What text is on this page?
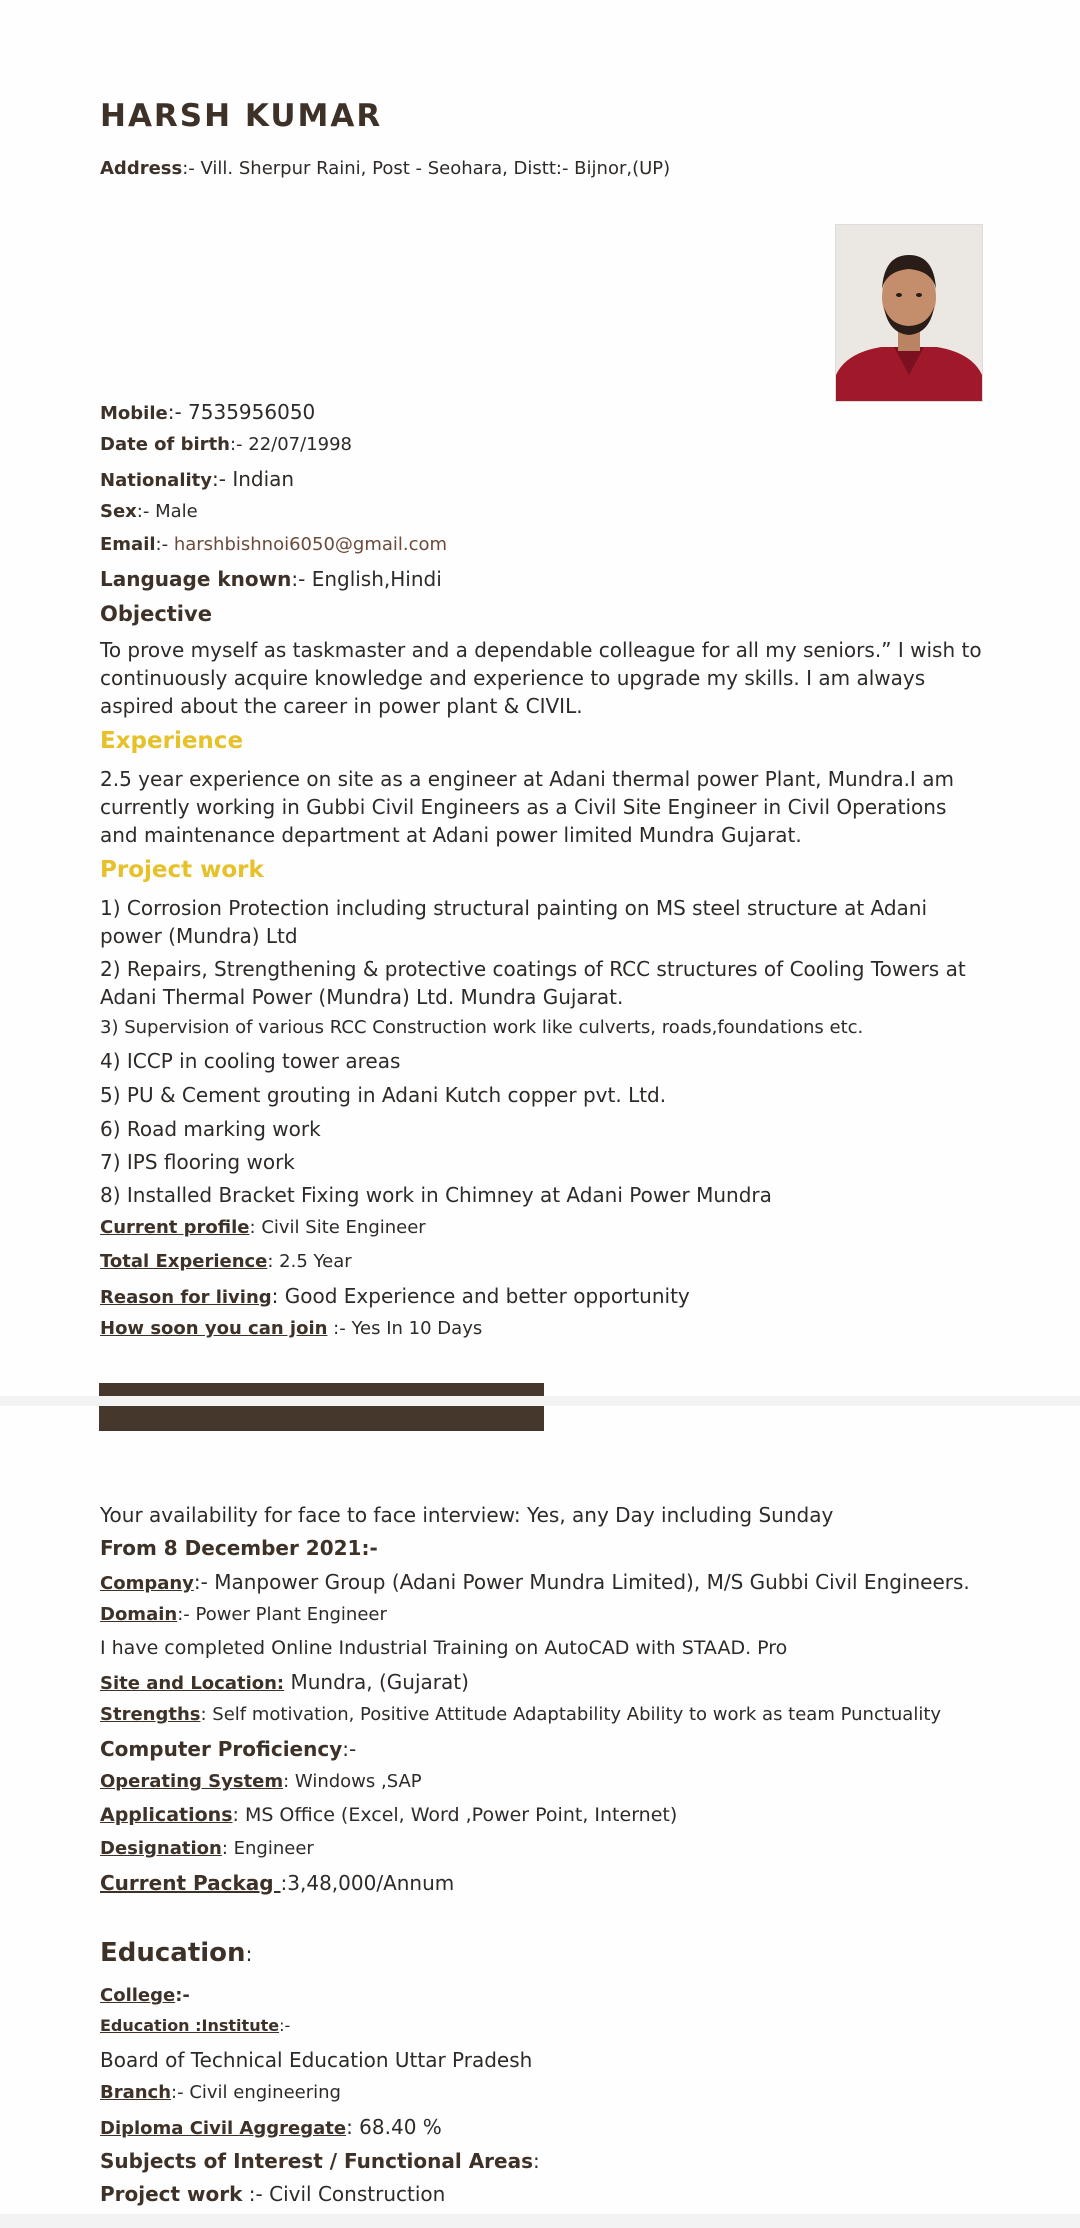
HARSH KUMAR
Address:- Vill. Sherpur Raini, Post - Seohara, Distt:- Bijnor,(UP)
Mobile:- 7535956050
Date of birth:- 22/07/1998
Nationality:- Indian
Sex:- Male
Email:- harshbishnoi6050@gmail.com
Language known:- English,Hindi
Objective
To prove myself as taskmaster and a dependable colleague for all my seniors.” I wish to continuously acquire knowledge and experience to upgrade my skills. I am always aspired about the career in power plant & CIVIL.
Experience
2.5 year experience on site as a engineer at Adani thermal power Plant, Mundra.I am currently working in Gubbi Civil Engineers as a Civil Site Engineer in Civil Operations and maintenance department at Adani power limited Mundra Gujarat.
Project work
1) Corrosion Protection including structural painting on MS steel structure at Adani power (Mundra) Ltd
2) Repairs, Strengthening & protective coatings of RCC structures of Cooling Towers at Adani Thermal Power (Mundra) Ltd. Mundra Gujarat.
3) Supervision of various RCC Construction work like culverts, roads,foundations etc.
4) ICCP in cooling tower areas
5) PU & Cement grouting in Adani Kutch copper pvt. Ltd.
6) Road marking work
7) IPS flooring work
8) Installed Bracket Fixing work in Chimney at Adani Power Mundra
Current profile: Civil Site Engineer
Total Experience: 2.5 Year
Reason for living: Good Experience and better opportunity
How soon you can join :- Yes In 10 Days
Your availability for face to face interview: Yes, any Day including Sunday
From 8 December 2021:-
Company:- Manpower Group (Adani Power Mundra Limited), M/S Gubbi Civil Engineers.
Domain:- Power Plant Engineer
I have completed Online Industrial Training on AutoCAD with STAAD. Pro
Site and Location: Mundra, (Gujarat)
Strengths: Self motivation, Positive Attitude Adaptability Ability to work as team Punctuality
Computer Proficiency:-
Operating System: Windows ,SAP
Applications: MS Office (Excel, Word ,Power Point, Internet)
Designation: Engineer
Current Packag :3,48,000/Annum
Education:
College:-
Education :Institute:-
Board of Technical Education Uttar Pradesh
Branch:- Civil engineering
Diploma Civil Aggregate: 68.40 %
Subjects of Interest / Functional Areas:
Project work :- Civil Construction
